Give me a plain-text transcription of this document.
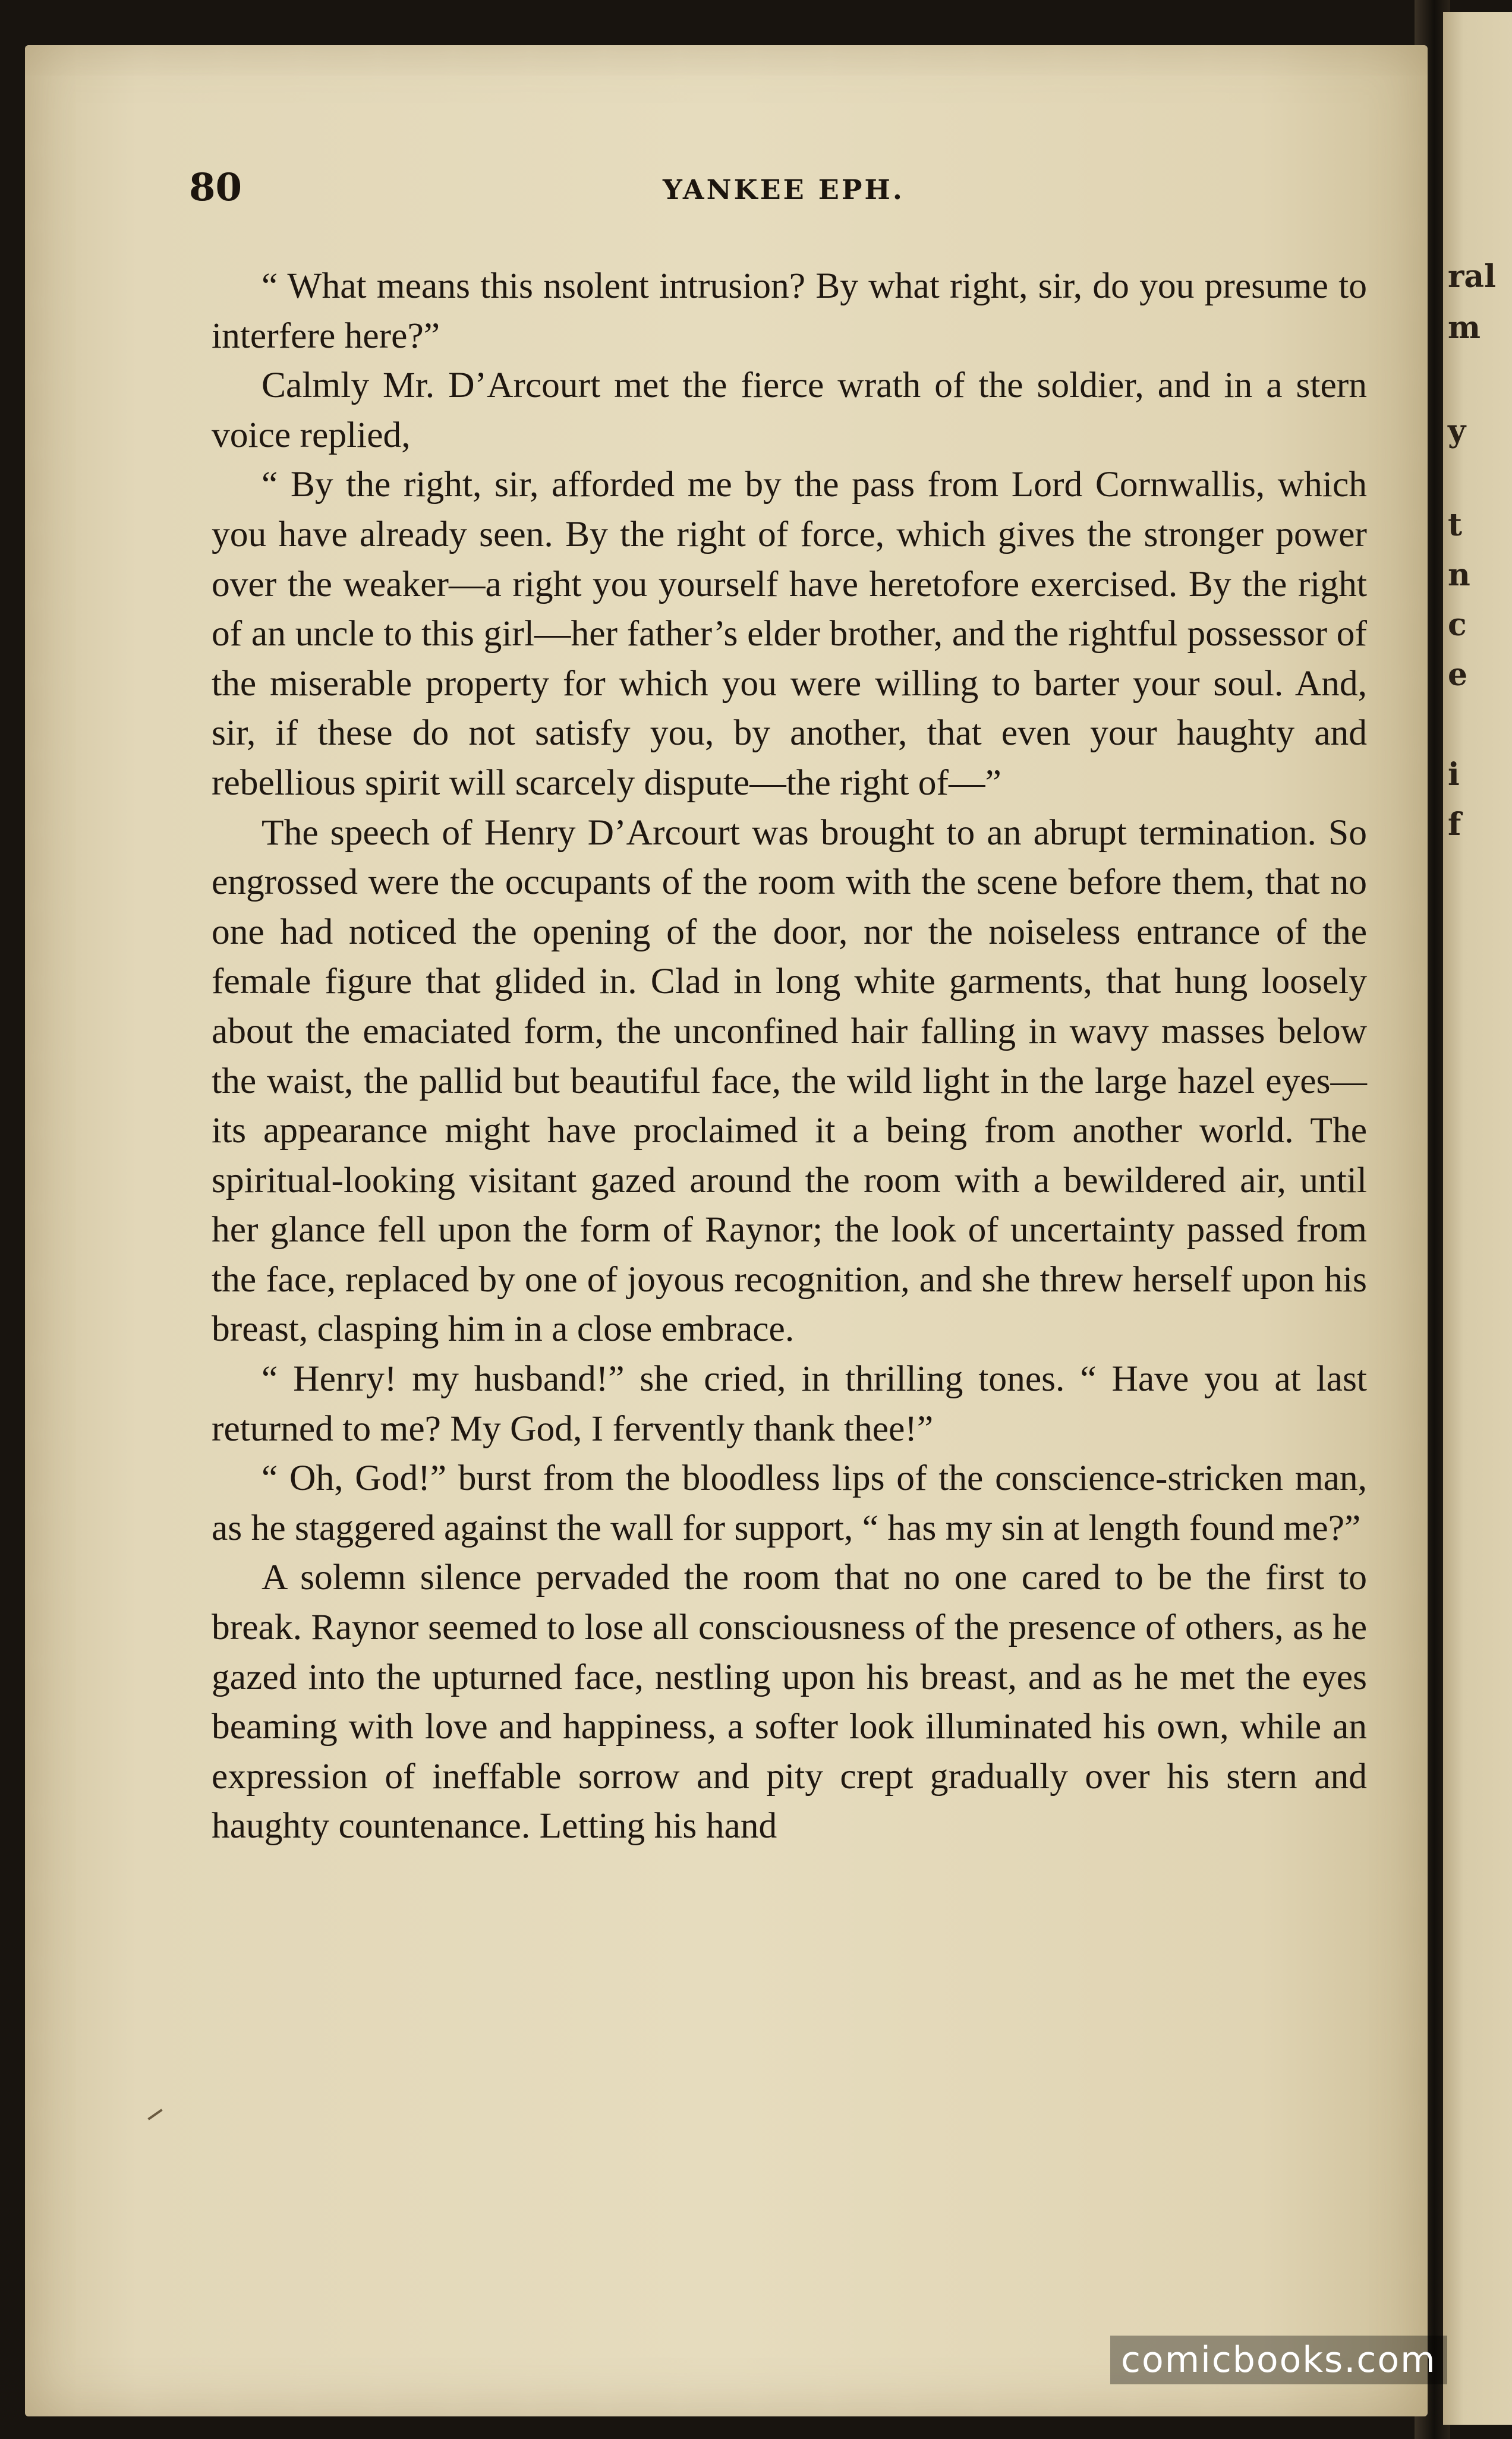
ral
m
y
t
n
c
e
i
f
80	YANKEE EPH.

“ What means this nsolent intrusion? By what right, sir, do you presume to interfere here?”

Calmly Mr. D’Arcourt met the fierce wrath of the soldier, and in a stern voice replied,

“ By the right, sir, afforded me by the pass from Lord Cornwallis, which you have already seen. By the right of force, which gives the stronger power over the weaker—a right you yourself have heretofore exercised. By the right of an uncle to this girl—her father’s elder brother, and the rightful possessor of the miserable property for which you were willing to barter your soul. And, sir, if these do not satisfy you, by another, that even your haughty and rebellious spirit will scarcely dispute—the right of—”

The speech of Henry D’Arcourt was brought to an abrupt termination. So engrossed were the occupants of the room with the scene before them, that no one had noticed the opening of the door, nor the noiseless entrance of the female figure that glided in. Clad in long white garments, that hung loosely about the emaciated form, the unconfined hair falling in wavy masses below the waist, the pallid but beautiful face, the wild light in the large hazel eyes—its appearance might have proclaimed it a being from another world. The spiritual-looking visitant gazed around the room with a bewildered air, until her glance fell upon the form of Raynor; the look of uncertainty passed from the face, replaced by one of joyous recognition, and she threw herself upon his breast, clasping him in a close embrace.

“ Henry! my husband!” she cried, in thrilling tones. “ Have you at last returned to me? My God, I fervently thank thee!”

“ Oh, God!” burst from the bloodless lips of the conscience-stricken man, as he staggered against the wall for support, “ has my sin at length found me?”

A solemn silence pervaded the room that no one cared to be the first to break. Raynor seemed to lose all consciousness of the presence of others, as he gazed into the upturned face, nestling upon his breast, and as he met the eyes beaming with love and happiness, a softer look illuminated his own, while an expression of ineffable sorrow and pity crept gradually over his stern and haughty countenance. Letting his hand

comicbooks.com
